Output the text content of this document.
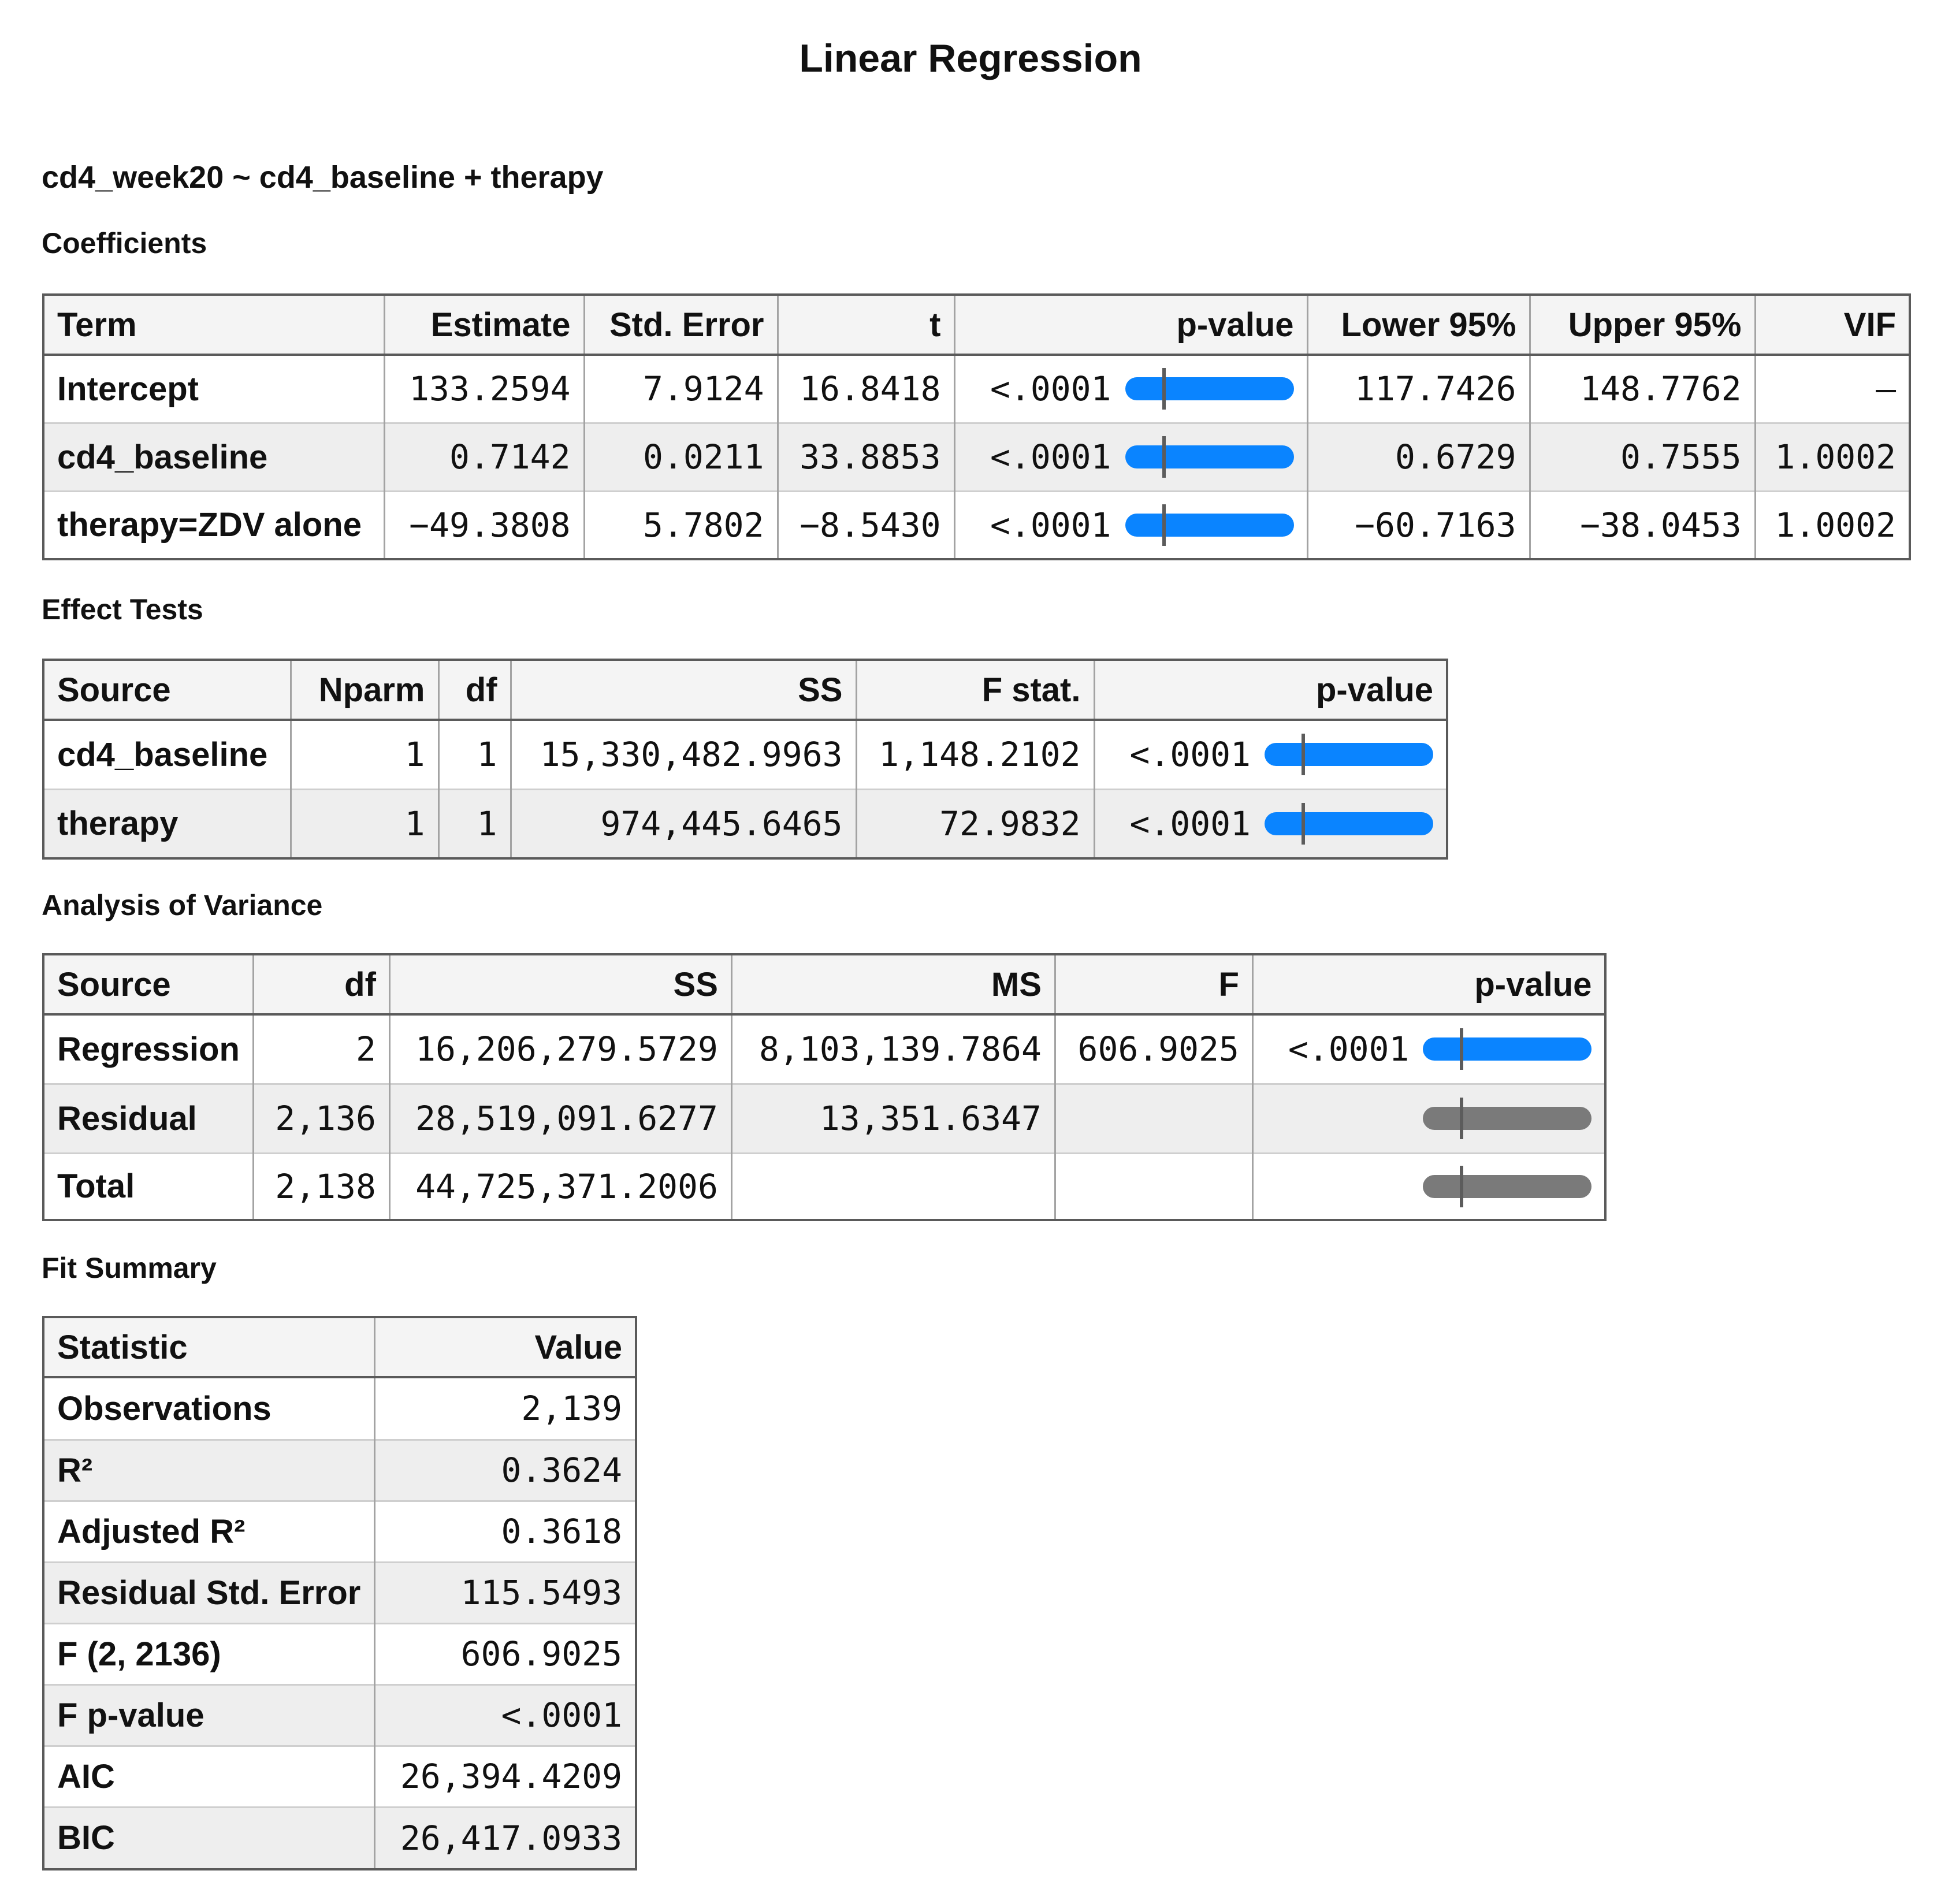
Linear Regression
cd4_week20 ~ cd4_baseline + therapy
Coefficients
Term	Estimate	Std. Error	t	p-value	Lower 95%	Upper 95%	VIF
Intercept	133.2594	7.9124	16.8418	<.0001	117.7426	148.7762	–
cd4_baseline	0.7142	0.0211	33.8853	<.0001	0.6729	0.7555	1.0002
therapy=ZDV alone	−49.3808	5.7802	−8.5430	<.0001	−60.7163	−38.0453	1.0002
Effect Tests
Source	Nparm	df	SS	F stat.	p-value
cd4_baseline	1	1	15,330,482.9963	1,148.2102	<.0001

therapy	1	1	974,445.6465	72.9832	<.0001
Analysis of Variance
Source	df	SS	MS	F	p-value
Regression	2	16,206,279.5729	8,103,139.7864	606.9025	<.0001

Residual	2,136	28,519,091.6277	13,351.6347		

Total	2,138	44,725,371.2006			
Fit Summary
Statistic	Value
Observations	2,139
R²	0.3624
Adjusted R²	0.3618
Residual Std. Error	115.5493
F (2, 2136)	606.9025
F p-value	<.0001
AIC	26,394.4209
BIC	26,417.0933
